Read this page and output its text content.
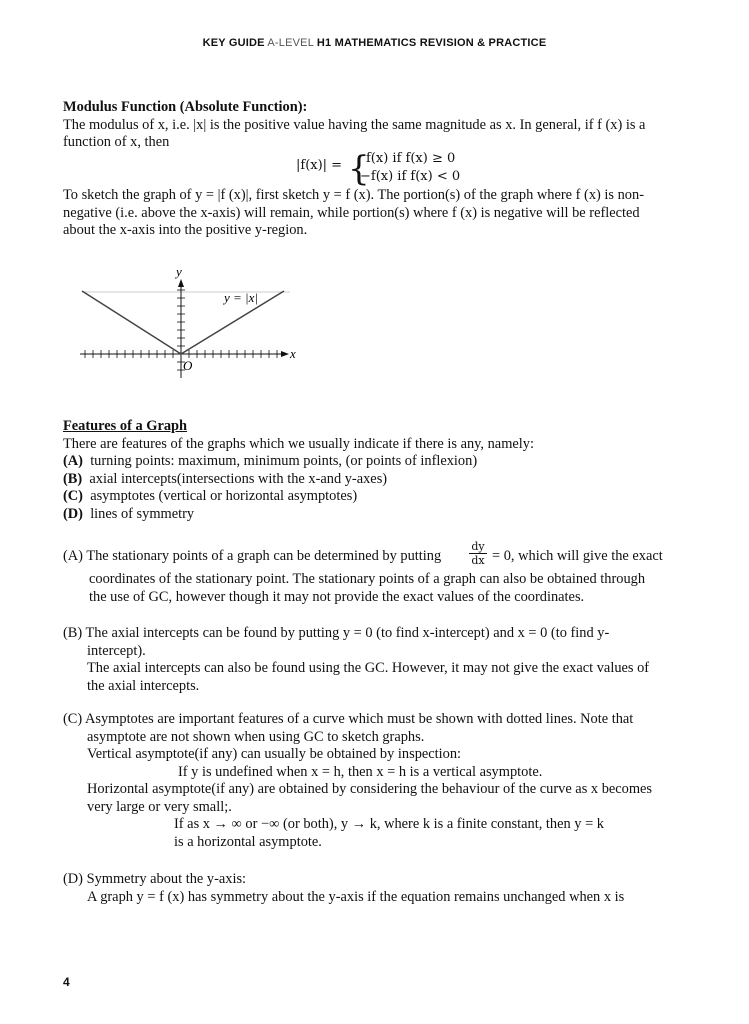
KEY GUIDE A-LEVEL H1 MATHEMATICS REVISION & PRACTICE

Modulus Function (Absolute Function):
The modulus of x, i.e. |x| is the positive value having the same magnitude as x. In general, if f (x) is a
function of x, then

|f(x)| = {
f(x) if f(x) ≥ 0
−f(x) if f(x) < 0

To sketch the graph of y = |f (x)|, first sketch y = f (x). The portion(s) of the graph where f (x) is non-
negative (i.e. above the x-axis) will remain, while portion(s) where f (x) is negative will be reflected
about the x-axis into the positive y-region.

y
x
O
y = |x|

Features of a Graph
There are features of the graphs which we usually indicate if there is any, namely:
(A) turning points: maximum, minimum points, (or points of inflexion)
(B) axial intercepts(intersections with the x-and y-axes)
(C) asymptotes (vertical or horizontal asymptotes)
(D) lines of symmetry

$\frac{dy}{dx}$
(A) The stationary points of a graph can be determined by putting	= 0, which will give the exact

coordinates of the stationary point. The stationary points of a graph can also be obtained through
the use of GC, however though it may not provide the exact values of the coordinates.

(B) The axial intercepts can be found by putting y = 0 (to find x-intercept) and x = 0 (to find y-
intercept).
The axial intercepts can also be found using the GC. However, it may not give the exact values of
the axial intercepts.

(C) Asymptotes are important features of a curve which must be shown with dotted lines. Note that
asymptote are not shown when using GC to sketch graphs.
Vertical asymptote(if any) can usually be obtained by inspection:
If y is undefined when x = h, then x = h is a vertical asymptote.
Horizontal asymptote(if any) are obtained by considering the behaviour of the curve as x becomes
very large or very small;.
If as x → ∞ or −∞ (or both), y → k, where k is a finite constant, then y = k
is a horizontal asymptote.

(D) Symmetry about the y-axis:
A graph y = f (x) has symmetry about the y-axis if the equation remains unchanged when x is

4
